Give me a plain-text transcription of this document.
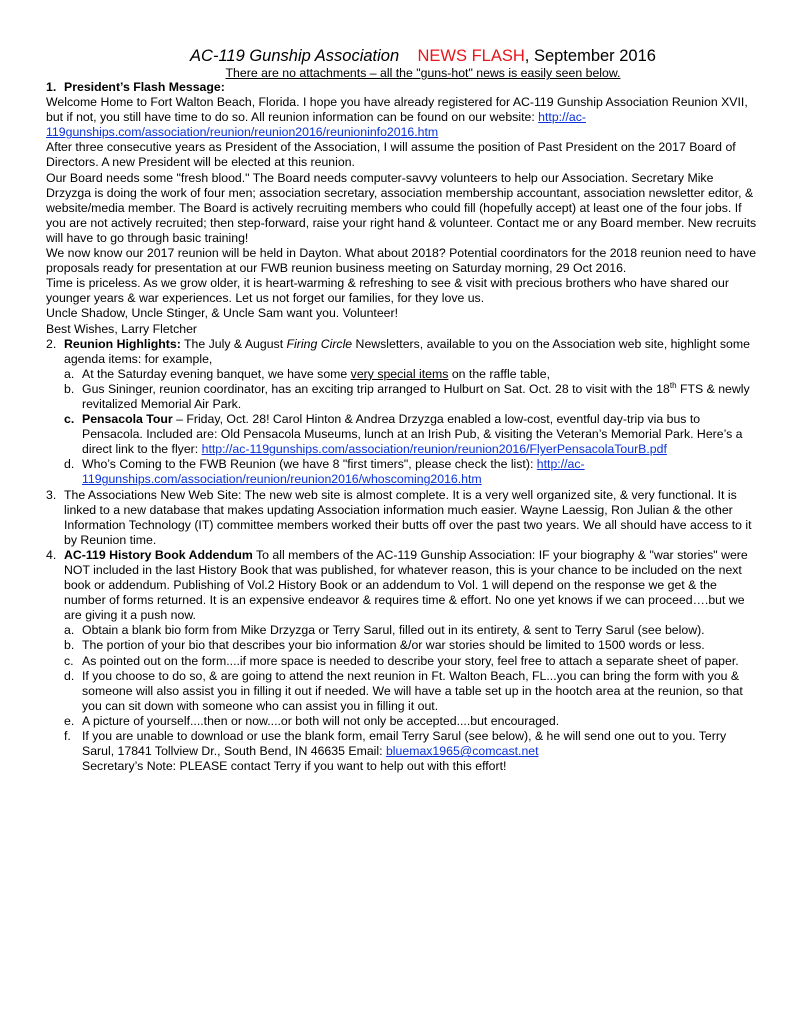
AC-119 Gunship Association NEWS FLASH, September 2016
There are no attachments – all the "guns-hot" news is easily seen below.
1. President’s Flash Message:

Welcome Home to Fort Walton Beach, Florida. I hope you have already registered for AC-119 Gunship Association Reunion XVII, but if not, you still have time to do so. All reunion information can be found on our website: http://ac-119gunships.com/association/reunion/reunion2016/reunioninfo2016.htm

After three consecutive years as President of the Association, I will assume the position of Past President on the 2017 Board of Directors. A new President will be elected at this reunion.

Our Board needs some "fresh blood." The Board needs computer-savvy volunteers to help our Association. Secretary Mike Drzyzga is doing the work of four men; association secretary, association membership accountant, association newsletter editor, & website/media member. The Board is actively recruiting members who could fill (hopefully accept) at least one of the four jobs. If you are not actively recruited; then step-forward, raise your right hand & volunteer. Contact me or any Board member. New recruits will have to go through basic training!

We now know our 2017 reunion will be held in Dayton. What about 2018? Potential coordinators for the 2018 reunion need to have proposals ready for presentation at our FWB reunion business meeting on Saturday morning, 29 Oct 2016.

Time is priceless. As we grow older, it is heart-warming & refreshing to see & visit with precious brothers who have shared our younger years & war experiences. Let us not forget our families, for they love us.

Uncle Shadow, Uncle Stinger, & Uncle Sam want you. Volunteer!

Best Wishes, Larry Fletcher

2. Reunion Highlights: The July & August Firing Circle Newsletters, available to you on the Association web site, highlight some agenda items: for example,
a. At the Saturday evening banquet, we have some very special items on the raffle table,
b. Gus Sininger, reunion coordinator, has an exciting trip arranged to Hulburt on Sat. Oct. 28 to visit with the 18th FTS & newly revitalized Memorial Air Park.
c. Pensacola Tour – Friday, Oct. 28! Carol Hinton & Andrea Drzyzga enabled a low-cost, eventful day-trip via bus to Pensacola. Included are: Old Pensacola Museums, lunch at an Irish Pub, & visiting the Veteran’s Memorial Park. Here’s a direct link to the flyer: http://ac-119gunships.com/association/reunion/reunion2016/FlyerPensacolaTourB.pdf
d. Who’s Coming to the FWB Reunion (we have 8 "first timers", please check the list): http://ac-119gunships.com/association/reunion/reunion2016/whoscoming2016.htm
3. The Associations New Web Site: The new web site is almost complete. It is a very well organized site, & very functional. It is linked to a new database that makes updating Association information much easier. Wayne Laessig, Ron Julian & the other Information Technology (IT) committee members worked their butts off over the past two years. We all should have access to it by Reunion time.
4. AC-119 History Book Addendum To all members of the AC-119 Gunship Association: IF your biography & "war stories" were NOT included in the last History Book that was published, for whatever reason, this is your chance to be included on the next book or addendum. Publishing of Vol.2 History Book or an addendum to Vol. 1 will depend on the response we get & the number of forms returned. It is an expensive endeavor & requires time & effort. No one yet knows if we can proceed….but we are giving it a push now.
a. Obtain a blank bio form from Mike Drzyzga or Terry Sarul, filled out in its entirety, & sent to Terry Sarul (see below).
b. The portion of your bio that describes your bio information &/or war stories should be limited to 1500 words or less.
c. As pointed out on the form....if more space is needed to describe your story, feel free to attach a separate sheet of paper.
d. If you choose to do so, & are going to attend the next reunion in Ft. Walton Beach, FL...you can bring the form with you & someone will also assist you in filling it out if needed. We will have a table set up in the hootch area at the reunion, so that you can sit down with someone who can assist you in filling it out.
e. A picture of yourself....then or now....or both will not only be accepted....but encouraged.
f. If you are unable to download or use the blank form, email Terry Sarul (see below), & he will send one out to you. Terry Sarul, 17841 Tollview Dr., South Bend, IN 46635 Email: bluemax1965@comcast.net
Secretary’s Note: PLEASE contact Terry if you want to help out with this effort!
